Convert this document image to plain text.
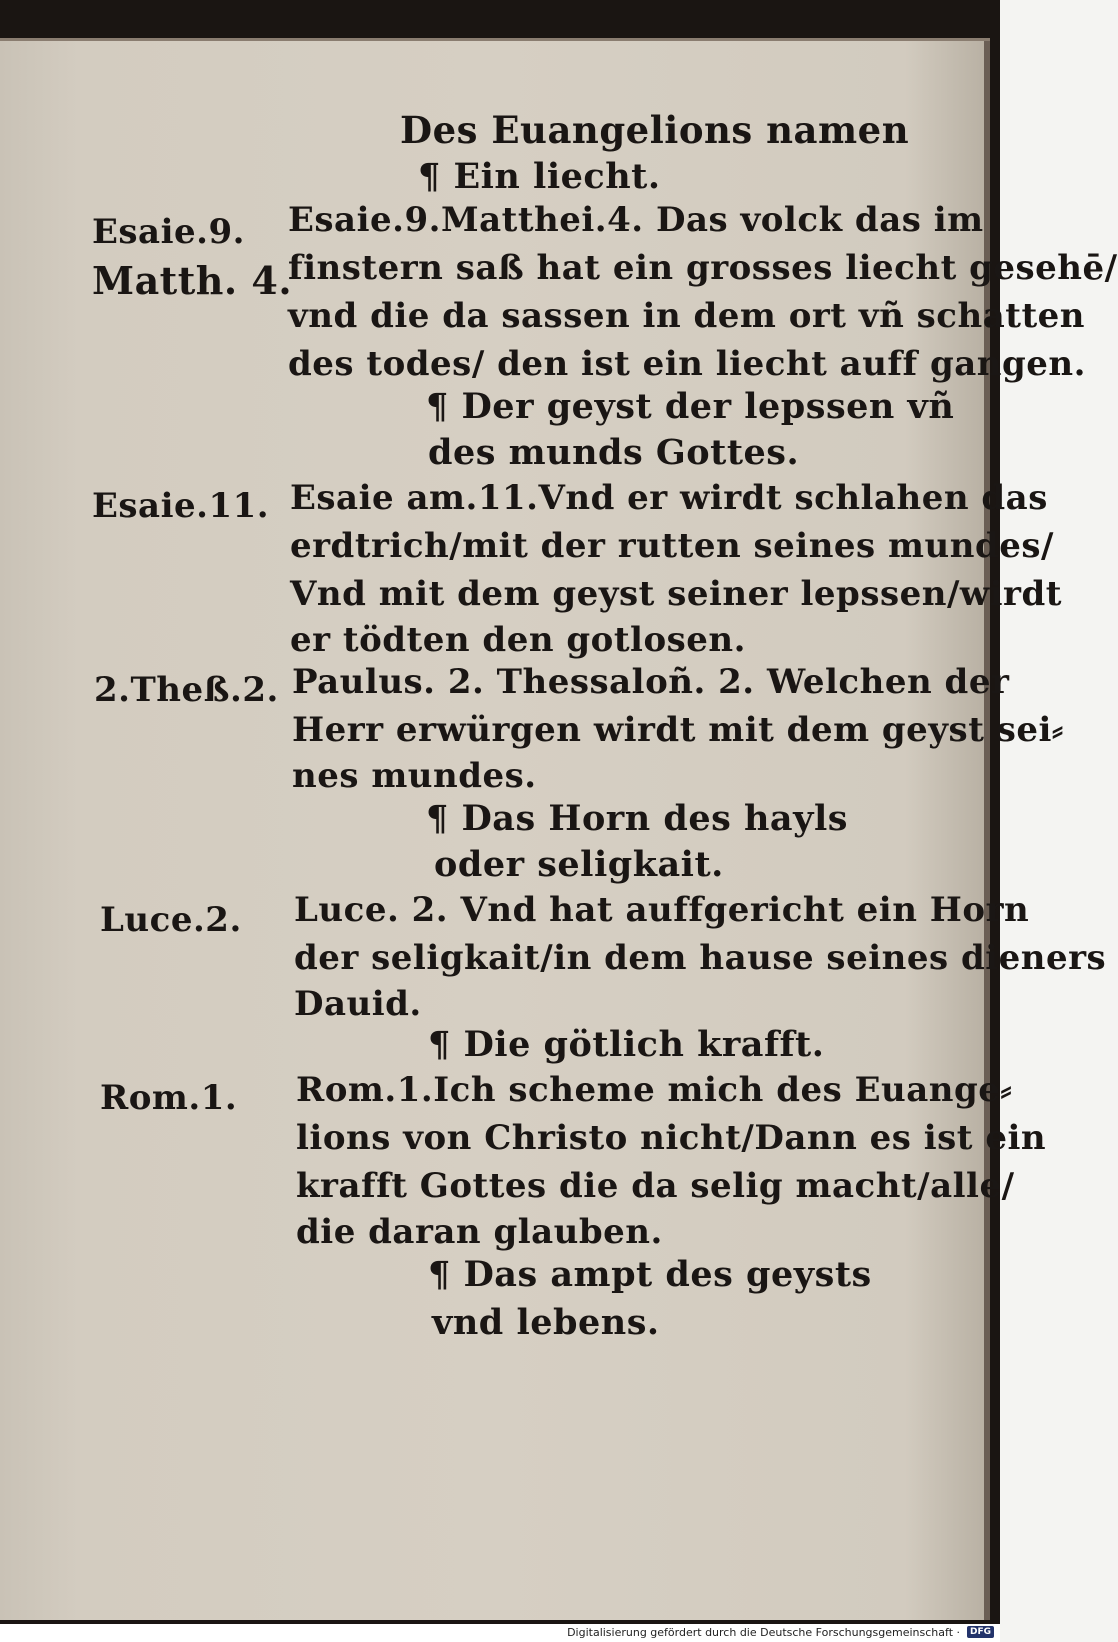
Des Euangelions namen
¶ Ein liecht.
Esaie.9.
Matth. 4.
Esaie.9.Matthei.4. Das volck das im
finstern saß hat ein grosses liecht gesehē/
vnd die da sassen in dem ort vñ schatten
des todes/ den ist ein liecht auff gangen.
¶ Der geyst der lepssen vñ
des munds Gottes.
Esaie.11. Esaie am.11.Vnd er wirdt schlahen das
erdtrich/mit der rutten seines mundes/
Vnd mit dem geyst seiner lepssen/wirdt
er tödten den gotlosen.
2.Theß.2. Paulus. 2. Thessaloñ. 2. Welchen der
Herr erwürgen wirdt mit dem geyst sei⸗
nes mundes.
¶ Das Horn des hayls
oder seligkait.
Luce.2. Luce. 2. Vnd hat auffgericht ein Horn
der seligkait/in dem hause seines dieners
Dauid.
¶ Die götlich krafft.
Rom.1. Rom.1.Ich scheme mich des Euange⸗
lions von Christo nicht/Dann es ist ein
krafft Gottes die da selig macht/alle/
die daran glauben.
¶ Das ampt des geysts
vnd lebens.
Digitalisierung gefördert durch die Deutsche Forschungsgemeinschaft ·	DFG
